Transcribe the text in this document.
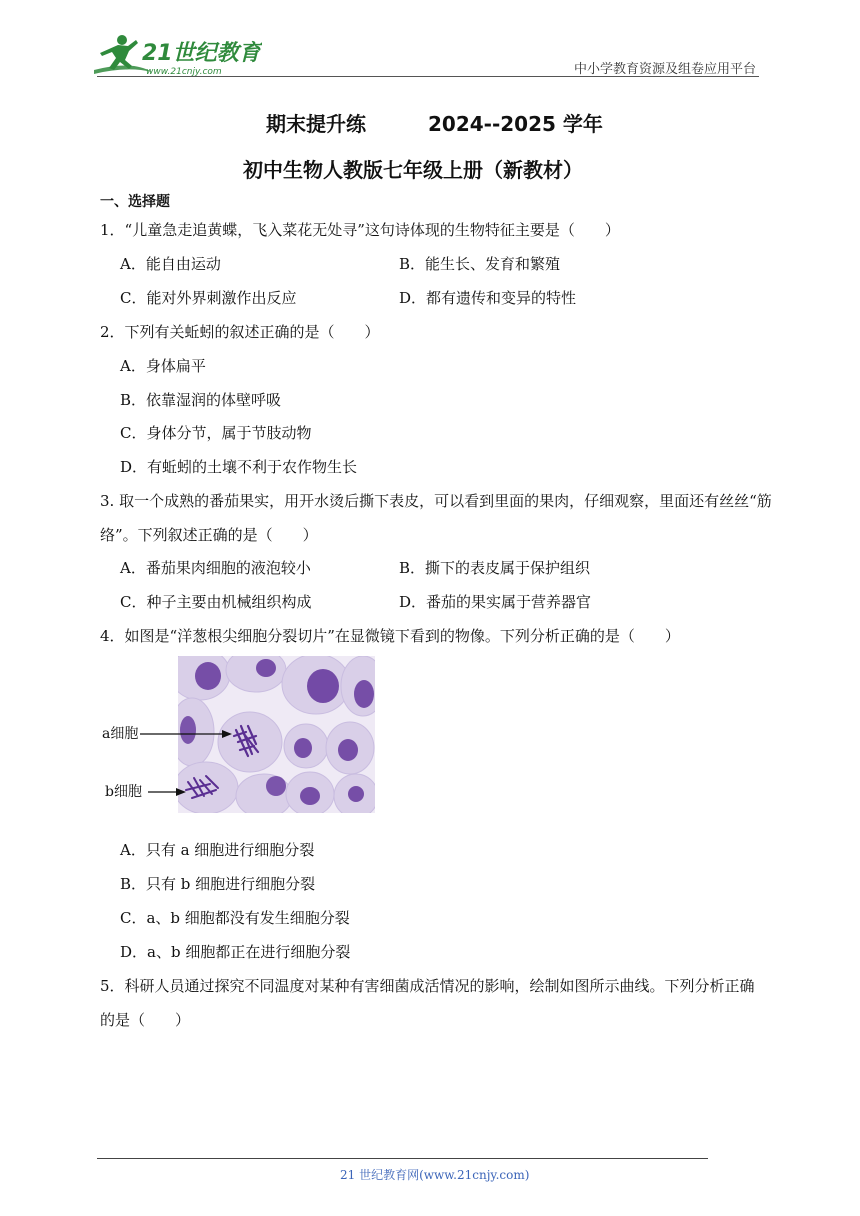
21世纪教育
www.21cnjy.com	中小学教育资源及组卷应用平台
期末提升练	2024--2025 学年
初中生物人教版七年级上册（新教材）
一、选择题
1．“儿童急走追黄蝶，飞入菜花无处寻”这句诗体现的生物特征主要是（　　）
A．能自由运动	B．能生长、发育和繁殖
C．能对外界刺激作出反应	D．都有遗传和变异的特性
2．下列有关蚯蚓的叙述正确的是（　　）
A．身体扁平
B．依靠湿润的体壁呼吸
C．身体分节，属于节肢动物
D．有蚯蚓的土壤不利于农作物生长
3. 取一个成熟的番茄果实，用开水烫后撕下表皮，可以看到里面的果肉，仔细观察，里面还有丝丝“筋
络”。下列叙述正确的是（　　）
A．番茄果肉细胞的液泡较小	B．撕下的表皮属于保护组织
C．种子主要由机械组织构成	D．番茄的果实属于营养器官
4．如图是“洋葱根尖细胞分裂切片”在显微镜下看到的物像。下列分析正确的是（　　）
a细胞
b细胞
A．只有 a 细胞进行细胞分裂
B．只有 b 细胞进行细胞分裂
C．a、b 细胞都没有发生细胞分裂
D．a、b 细胞都正在进行细胞分裂
5．科研人员通过探究不同温度对某种有害细菌成活情况的影响，绘制如图所示曲线。下列分析正确
的是（　　）
21 世纪教育网(www.21cnjy.com)
